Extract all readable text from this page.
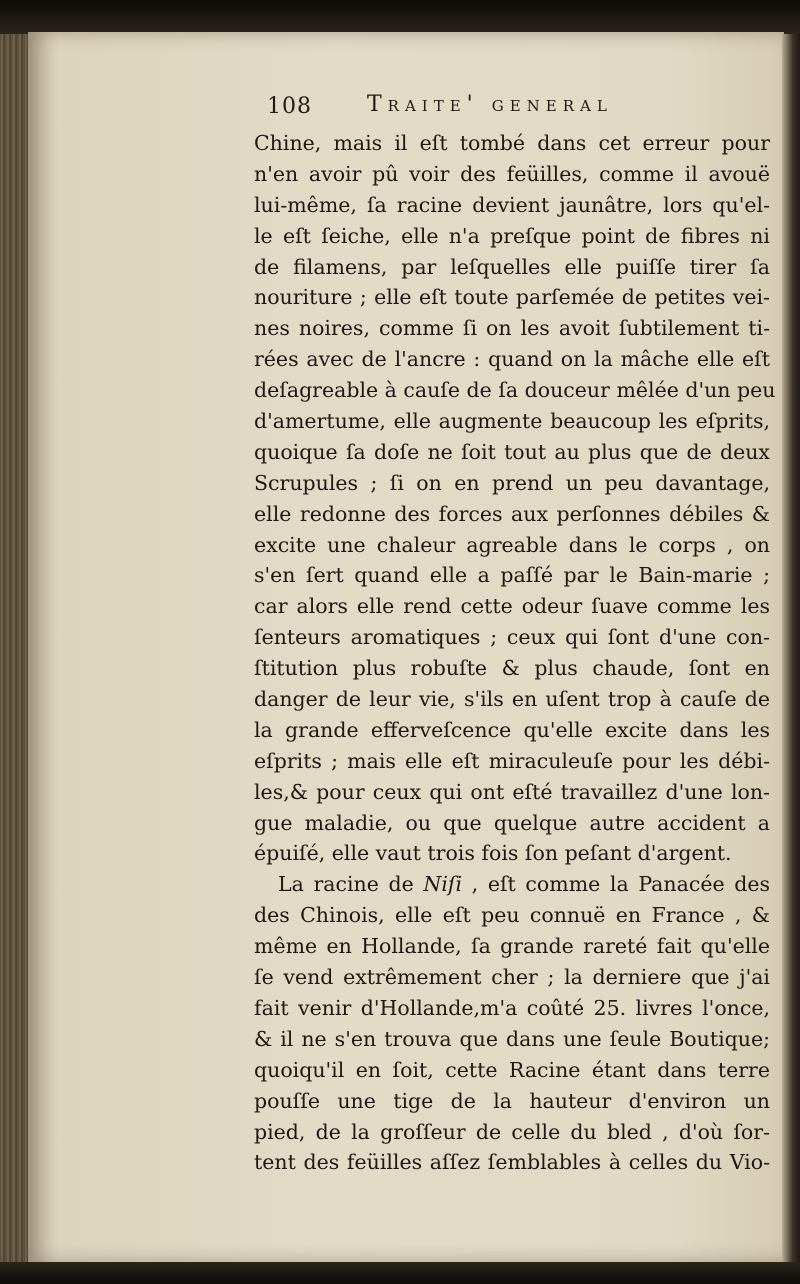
108	Traite' general
Chine, mais il eſt tombé dans cet erreur pour
n'en avoir pû voir des feüilles, comme il avouë
lui-même, ſa racine devient jaunâtre, lors qu'el-
le eſt ſeiche, elle n'a preſque point de fibres ni
de filamens, par leſquelles elle puiſſe tirer ſa
nouriture ; elle eſt toute parſemée de petites vei-
nes noires, comme ſi on les avoit ſubtilement ti-
rées avec de l'ancre : quand on la mâche elle eſt
deſagreable à cauſe de ſa douceur mêlée d'un peu
d'amertume, elle augmente beaucoup les eſprits,
quoique ſa doſe ne ſoit tout au plus que de deux
Scrupules ; ſi on en prend un peu davantage,
elle redonne des forces aux perſonnes débiles &
excite une chaleur agreable dans le corps , on
s'en ſert quand elle a paſſé par le Bain-marie ;
car alors elle rend cette odeur ſuave comme les
ſenteurs aromatiques ; ceux qui ſont d'une con-
ſtitution plus robuſte & plus chaude, ſont en
danger de leur vie, s'ils en uſent trop à cauſe de
la grande efferveſcence qu'elle excite dans les
eſprits ; mais elle eſt miraculeuſe pour les débi-
les,& pour ceux qui ont eſté travaillez d'une lon-
gue maladie, ou que quelque autre accident a
épuiſé, elle vaut trois fois ſon peſant d'argent.
La racine de Niſi , eſt comme la Panacée des
des Chinois, elle eſt peu connuë en France , &
même en Hollande, ſa grande rareté fait qu'elle
ſe vend extrêmement cher ; la derniere que j'ai
fait venir d'Hollande,m'a coûté 25. livres l'once,
& il ne s'en trouva que dans une ſeule Boutique;
quoiqu'il en ſoit, cette Racine étant dans terre
pouſſe une tige de la hauteur d'environ un
pied, de la groſſeur de celle du bled , d'où ſor-
tent des feüilles aſſez ſemblables à celles du Vio-
